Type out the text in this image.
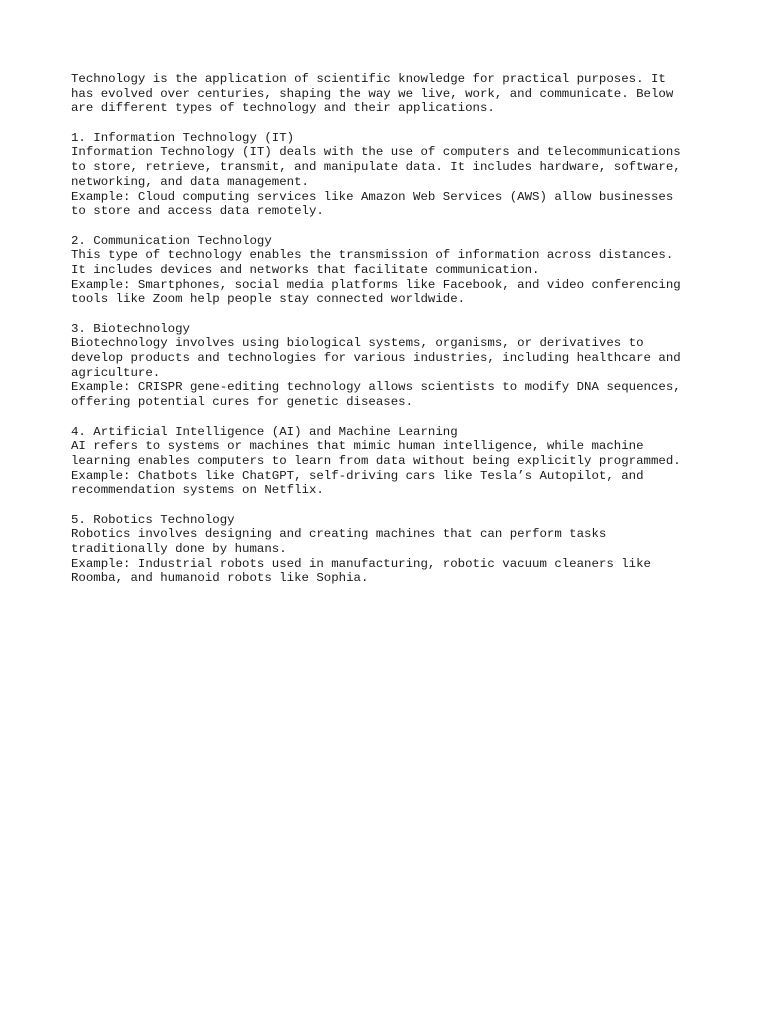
Technology is the application of scientific knowledge for practical purposes. It
has evolved over centuries, shaping the way we live, work, and communicate. Below
are different types of technology and their applications.
1. Information Technology (IT)
Information Technology (IT) deals with the use of computers and telecommunications
to store, retrieve, transmit, and manipulate data. It includes hardware, software,
networking, and data management.
Example: Cloud computing services like Amazon Web Services (AWS) allow businesses
to store and access data remotely.
2. Communication Technology
This type of technology enables the transmission of information across distances.
It includes devices and networks that facilitate communication.
Example: Smartphones, social media platforms like Facebook, and video conferencing
tools like Zoom help people stay connected worldwide.
3. Biotechnology
Biotechnology involves using biological systems, organisms, or derivatives to
develop products and technologies for various industries, including healthcare and
agriculture.
Example: CRISPR gene-editing technology allows scientists to modify DNA sequences,
offering potential cures for genetic diseases.
4. Artificial Intelligence (AI) and Machine Learning
AI refers to systems or machines that mimic human intelligence, while machine
learning enables computers to learn from data without being explicitly programmed.
Example: Chatbots like ChatGPT, self-driving cars like Tesla’s Autopilot, and
recommendation systems on Netflix.
5. Robotics Technology
Robotics involves designing and creating machines that can perform tasks
traditionally done by humans.
Example: Industrial robots used in manufacturing, robotic vacuum cleaners like
Roomba, and humanoid robots like Sophia.
